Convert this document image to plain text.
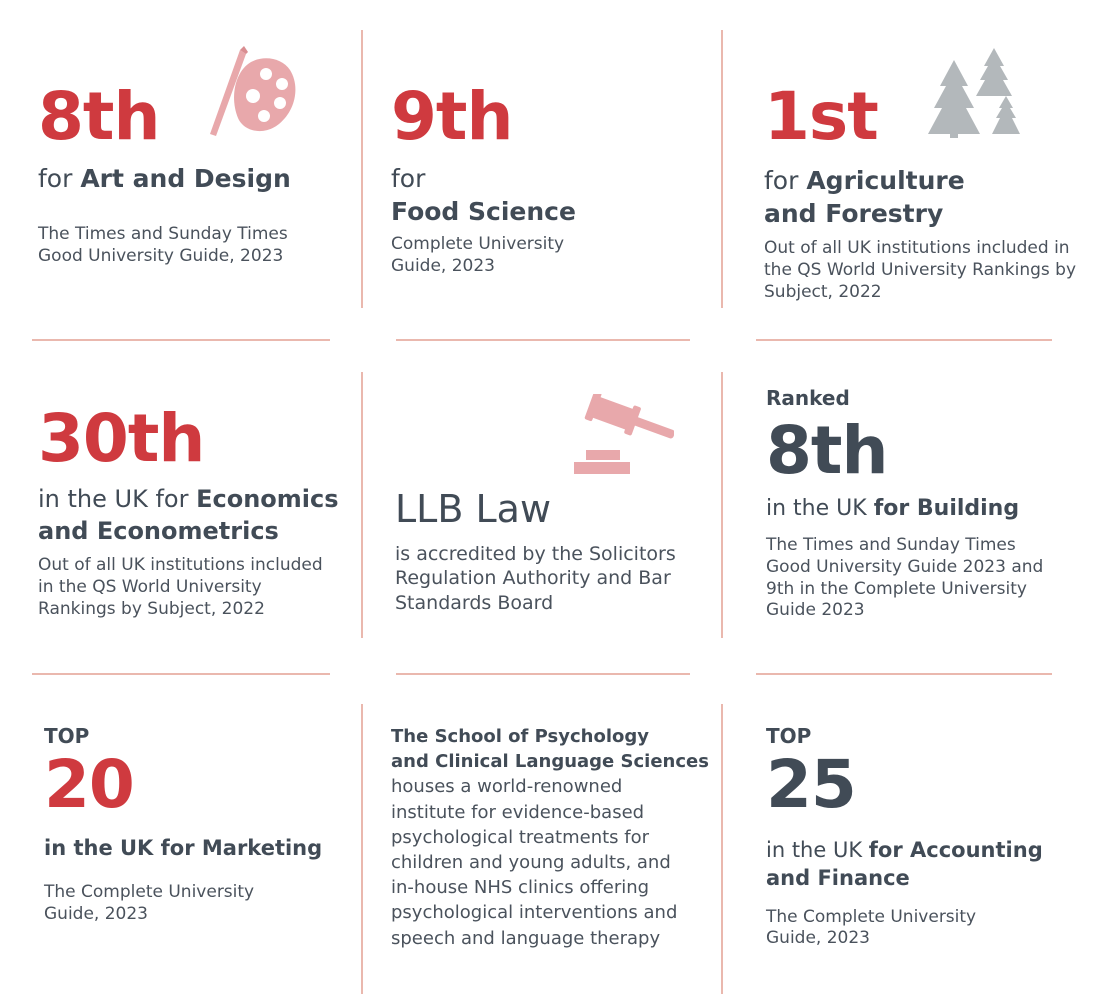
8th
for Art and Design
The Times and Sunday Times
Good University Guide, 2023
9th
for
Food Science
Complete University
Guide, 2023
1st
for Agriculture
and Forestry
Out of all UK institutions included in
the QS World University Rankings by
Subject, 2022
30th
in the UK for Economics
and Econometrics
Out of all UK institutions included
in the QS World University
Rankings by Subject, 2022
LLB Law
is accredited by the Solicitors
Regulation Authority and Bar
Standards Board
Ranked
8th
in the UK for Building
The Times and Sunday Times
Good University Guide 2023 and
9th in the Complete University
Guide 2023
TOP
20
in the UK for Marketing
The Complete University
Guide, 2023
The School of Psychology
and Clinical Language Sciences
houses a world-renowned
institute for evidence-based
psychological treatments for
children and young adults, and
in-house NHS clinics offering
psychological interventions and
speech and language therapy
TOP
25
in the UK for Accounting
and Finance
The Complete University
Guide, 2023
